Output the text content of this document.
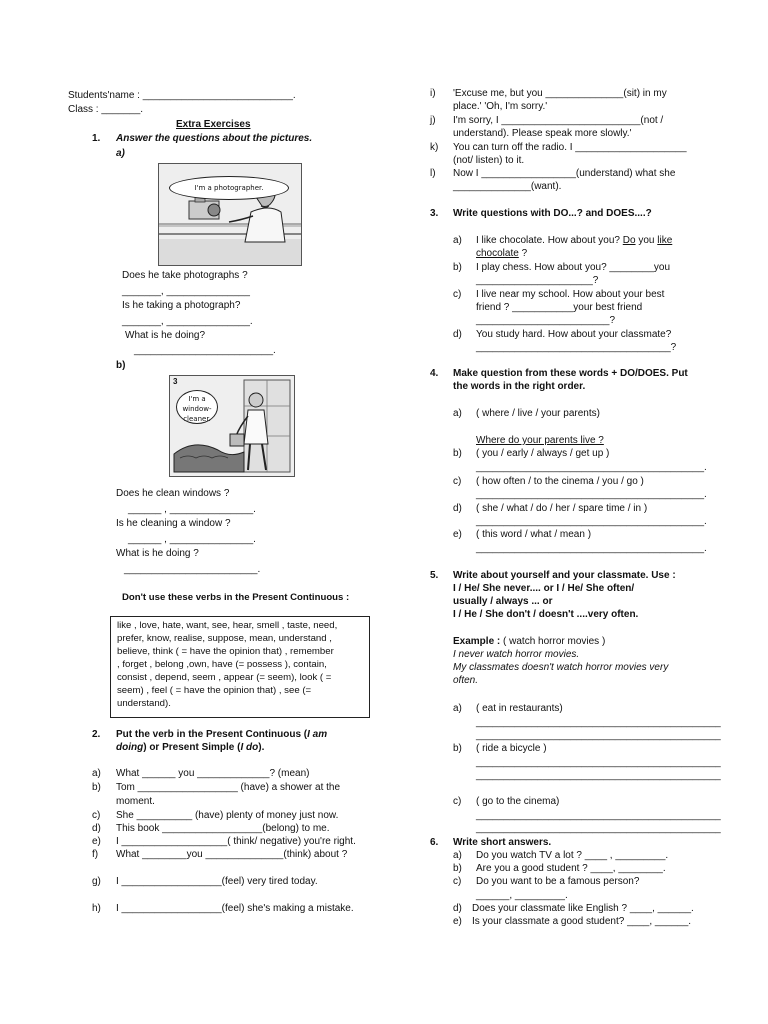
Students'name : ___________________________.
Class : _______.
Extra Exercises
1. Answer the questions about the pictures.
a)
I'm a photographer.
Does he take photographs ?
_______, _______________
Is he taking a photograph?
_______, _______________.
What is he doing?
_________________________.
b)
3
I'm a window-cleaner.
Does he clean windows ?
______ , _______________.
Is he cleaning a window ?
______ , _______________.
What is he doing ?
________________________.
Don't use these verbs in the Present Continuous :
like , love, hate, want, see, hear, smell , taste, need,
prefer, know, realise, suppose, mean, understand ,
believe, think ( = have the opinion that) , remember
, forget , belong ,own, have (= possess ), contain,
consist , depend, seem , appear (= seem), look ( =
seem) , feel ( = have the opinion that) , see (=
understand).
2. Put the verb in the Present Continuous (I am
doing) or Present Simple (I do).
a) What ______ you _____________? (mean)
b) Tom __________________ (have) a shower at the
moment.
c) She __________ (have) plenty of money just now.
d) This book __________________(belong) to me.
e) I ___________________( think/ negative) you're right.
f) What ________you ______________(think) about ?
g) I __________________(feel) very tired today.
h) I __________________(feel) she's making a mistake.
i) 'Excuse me, but you ______________(sit) in my
place.' 'Oh, I'm sorry.'
j) I'm sorry, I _________________________(not /
understand). Please speak more slowly.'
k) You can turn off the radio. I ____________________
(not/ listen) to it.
l) Now I _________________(understand) what she
______________(want).
3. Write questions with DO...? and DOES....?
a) I like chocolate. How about you? Do you like
chocolate ?
b) I play chess. How about you? ________you
_____________________?
c) I live near my school. How about your best
friend ? ___________your best friend
________________________?
d) You study hard. How about your classmate?
___________________________________?
4. Make question from these words + DO/DOES. Put
the words in the right order.
a) ( where / live / your parents)
Where do your parents live ?
b) ( you / early / always / get up )
_________________________________________.
c) ( how often / to the cinema / you / go )
_________________________________________.
d) ( she / what / do / her / spare time / in )
_________________________________________.
e) ( this word / what / mean )
_________________________________________.
5. Write about yourself and your classmate. Use :
I / He/ She never.... or I / He/ She often/
usually / always ... or
I / He / She don't / doesn't ....very often.
Example : ( watch horror movies )
I never watch horror movies.
My classmates doesn't watch horror movies very
often.
a) ( eat in restaurants)
____________________________________________
____________________________________________
b) ( ride a bicycle )
____________________________________________
____________________________________________
c) ( go to the cinema)
____________________________________________
____________________________________________
6. Write short answers.
a) Do you watch TV a lot ? ____ , _________.
b) Are you a good student ? ____, ________.
c) Do you want to be a famous person?
______, _________.
d) Does your classmate like English ? ____, ______.
e) Is your classmate a good student? ____, ______.
